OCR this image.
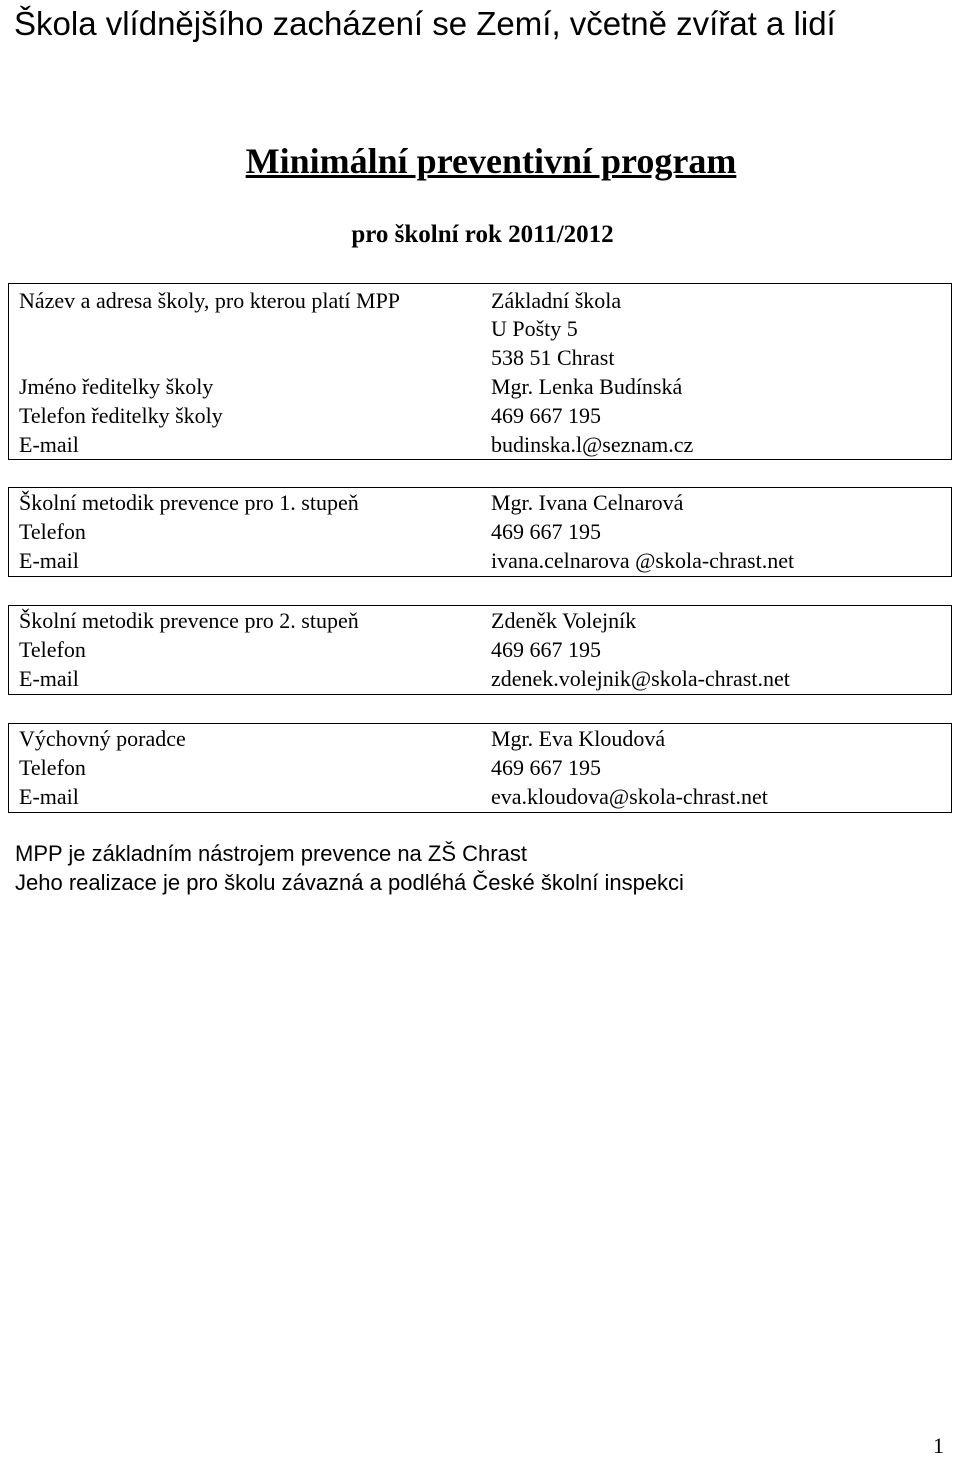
Škola vlídnějšího zacházení se Zemí, včetně zvířat a lidí
Minimální preventivní program
pro školní rok 2011/2012
Název a adresa školy, pro kterou platí MPP	Základní škola
U Pošty 5
538 51 Chrast
Jméno ředitelky školy	Mgr. Lenka Budínská
Telefon ředitelky školy	469 667 195
E-mail	budinska.l@seznam.cz
Školní metodik prevence pro 1. stupeň	Mgr. Ivana Celnarová
Telefon	469 667 195
E-mail	ivana.celnarova @skola-chrast.net
Školní metodik prevence pro 2. stupeň	Zdeněk Volejník
Telefon	469 667 195
E-mail	zdenek.volejnik@skola-chrast.net
Výchovný poradce	Mgr. Eva Kloudová
Telefon	469 667 195
E-mail	eva.kloudova@skola-chrast.net
MPP je základním nástrojem prevence na ZŠ Chrast
Jeho realizace je pro školu závazná a podléhá České školní inspekci
1
